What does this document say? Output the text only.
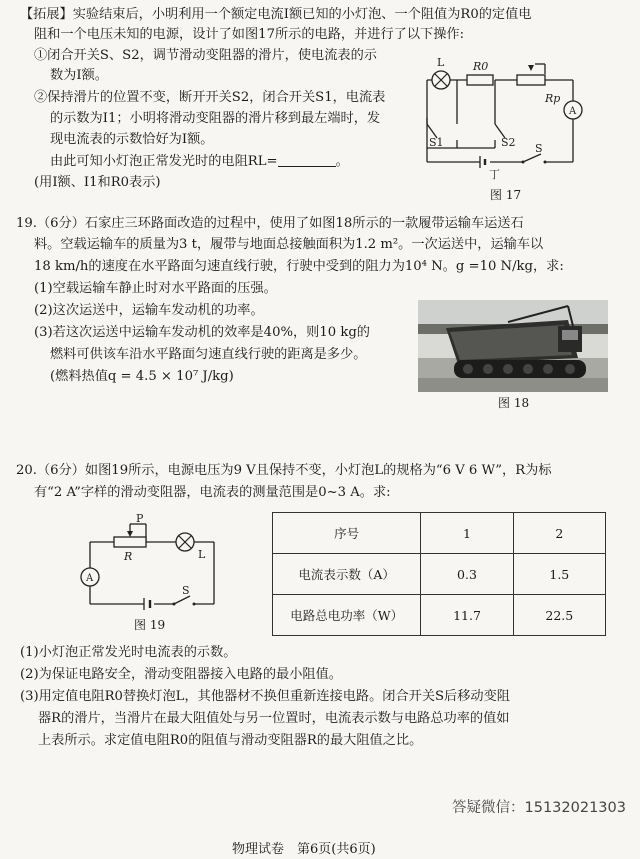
【拓展】实验结束后，小明利用一个额定电流I额已知的小灯泡、一个阻值为R0的定值电
阻和一个电压未知的电源，设计了如图17所示的电路，并进行了以下操作:
①闭合开关S、S2，调节滑动变阻器的滑片，使电流表的示
数为I额。
②保持滑片的位置不变，断开开关S2，闭合开关S1，电流表
的示数为I1；小明将滑动变阻器的滑片移到最左端时，发
现电流表的示数恰好为I额。
由此可知小灯泡正常发光时的电阻RL=	。
(用I额、I1和R0表示)
L	R0
Rp
A
S1	S2 S
丁
图 17
19.（6分）石家庄三环路面改造的过程中，使用了如图18所示的一款履带运输车运送石
料。空载运输车的质量为3 t，履带与地面总接触面积为1.2 m²。一次运送中，运输车以
18 km/h的速度在水平路面匀速直线行驶，行驶中受到的阻力为10⁴ N。g =10 N/kg，求:
(1)空载运输车静止时对水平路面的压强。
(2)这次运送中，运输车发动机的功率。
(3)若这次运送中运输车发动机的效率是40%，则10 kg的
燃料可供该车沿水平路面匀速直线行驶的距离是多少。
(燃料热值q = 4.5 × 10⁷ J/kg)
图 18
20.（6分）如图19所示，电源电压为9 V且保持不变，小灯泡L的规格为“6 V 6 W”，R为标
有“2 A”字样的滑动变阻器，电流表的测量范围是0~3 A。求:
P
R	L
A
S
图 19
序号	1	2
电流表示数（A）	0.3	1.5
电路总电功率（W）	11.7	22.5
(1)小灯泡正常发光时电流表的示数。
(2)为保证电路安全，滑动变阻器接入电路的最小阻值。
(3)用定值电阻R0替换灯泡L，其他器材不换但重新连接电路。闭合开关S后移动变阻
器R的滑片，当滑片在最大阻值处与另一位置时，电流表示数与电路总功率的值如
上表所示。求定值电阻R0的阻值与滑动变阻器R的最大阻值之比。
答疑微信：15132021303
物理试卷　第6页(共6页)
